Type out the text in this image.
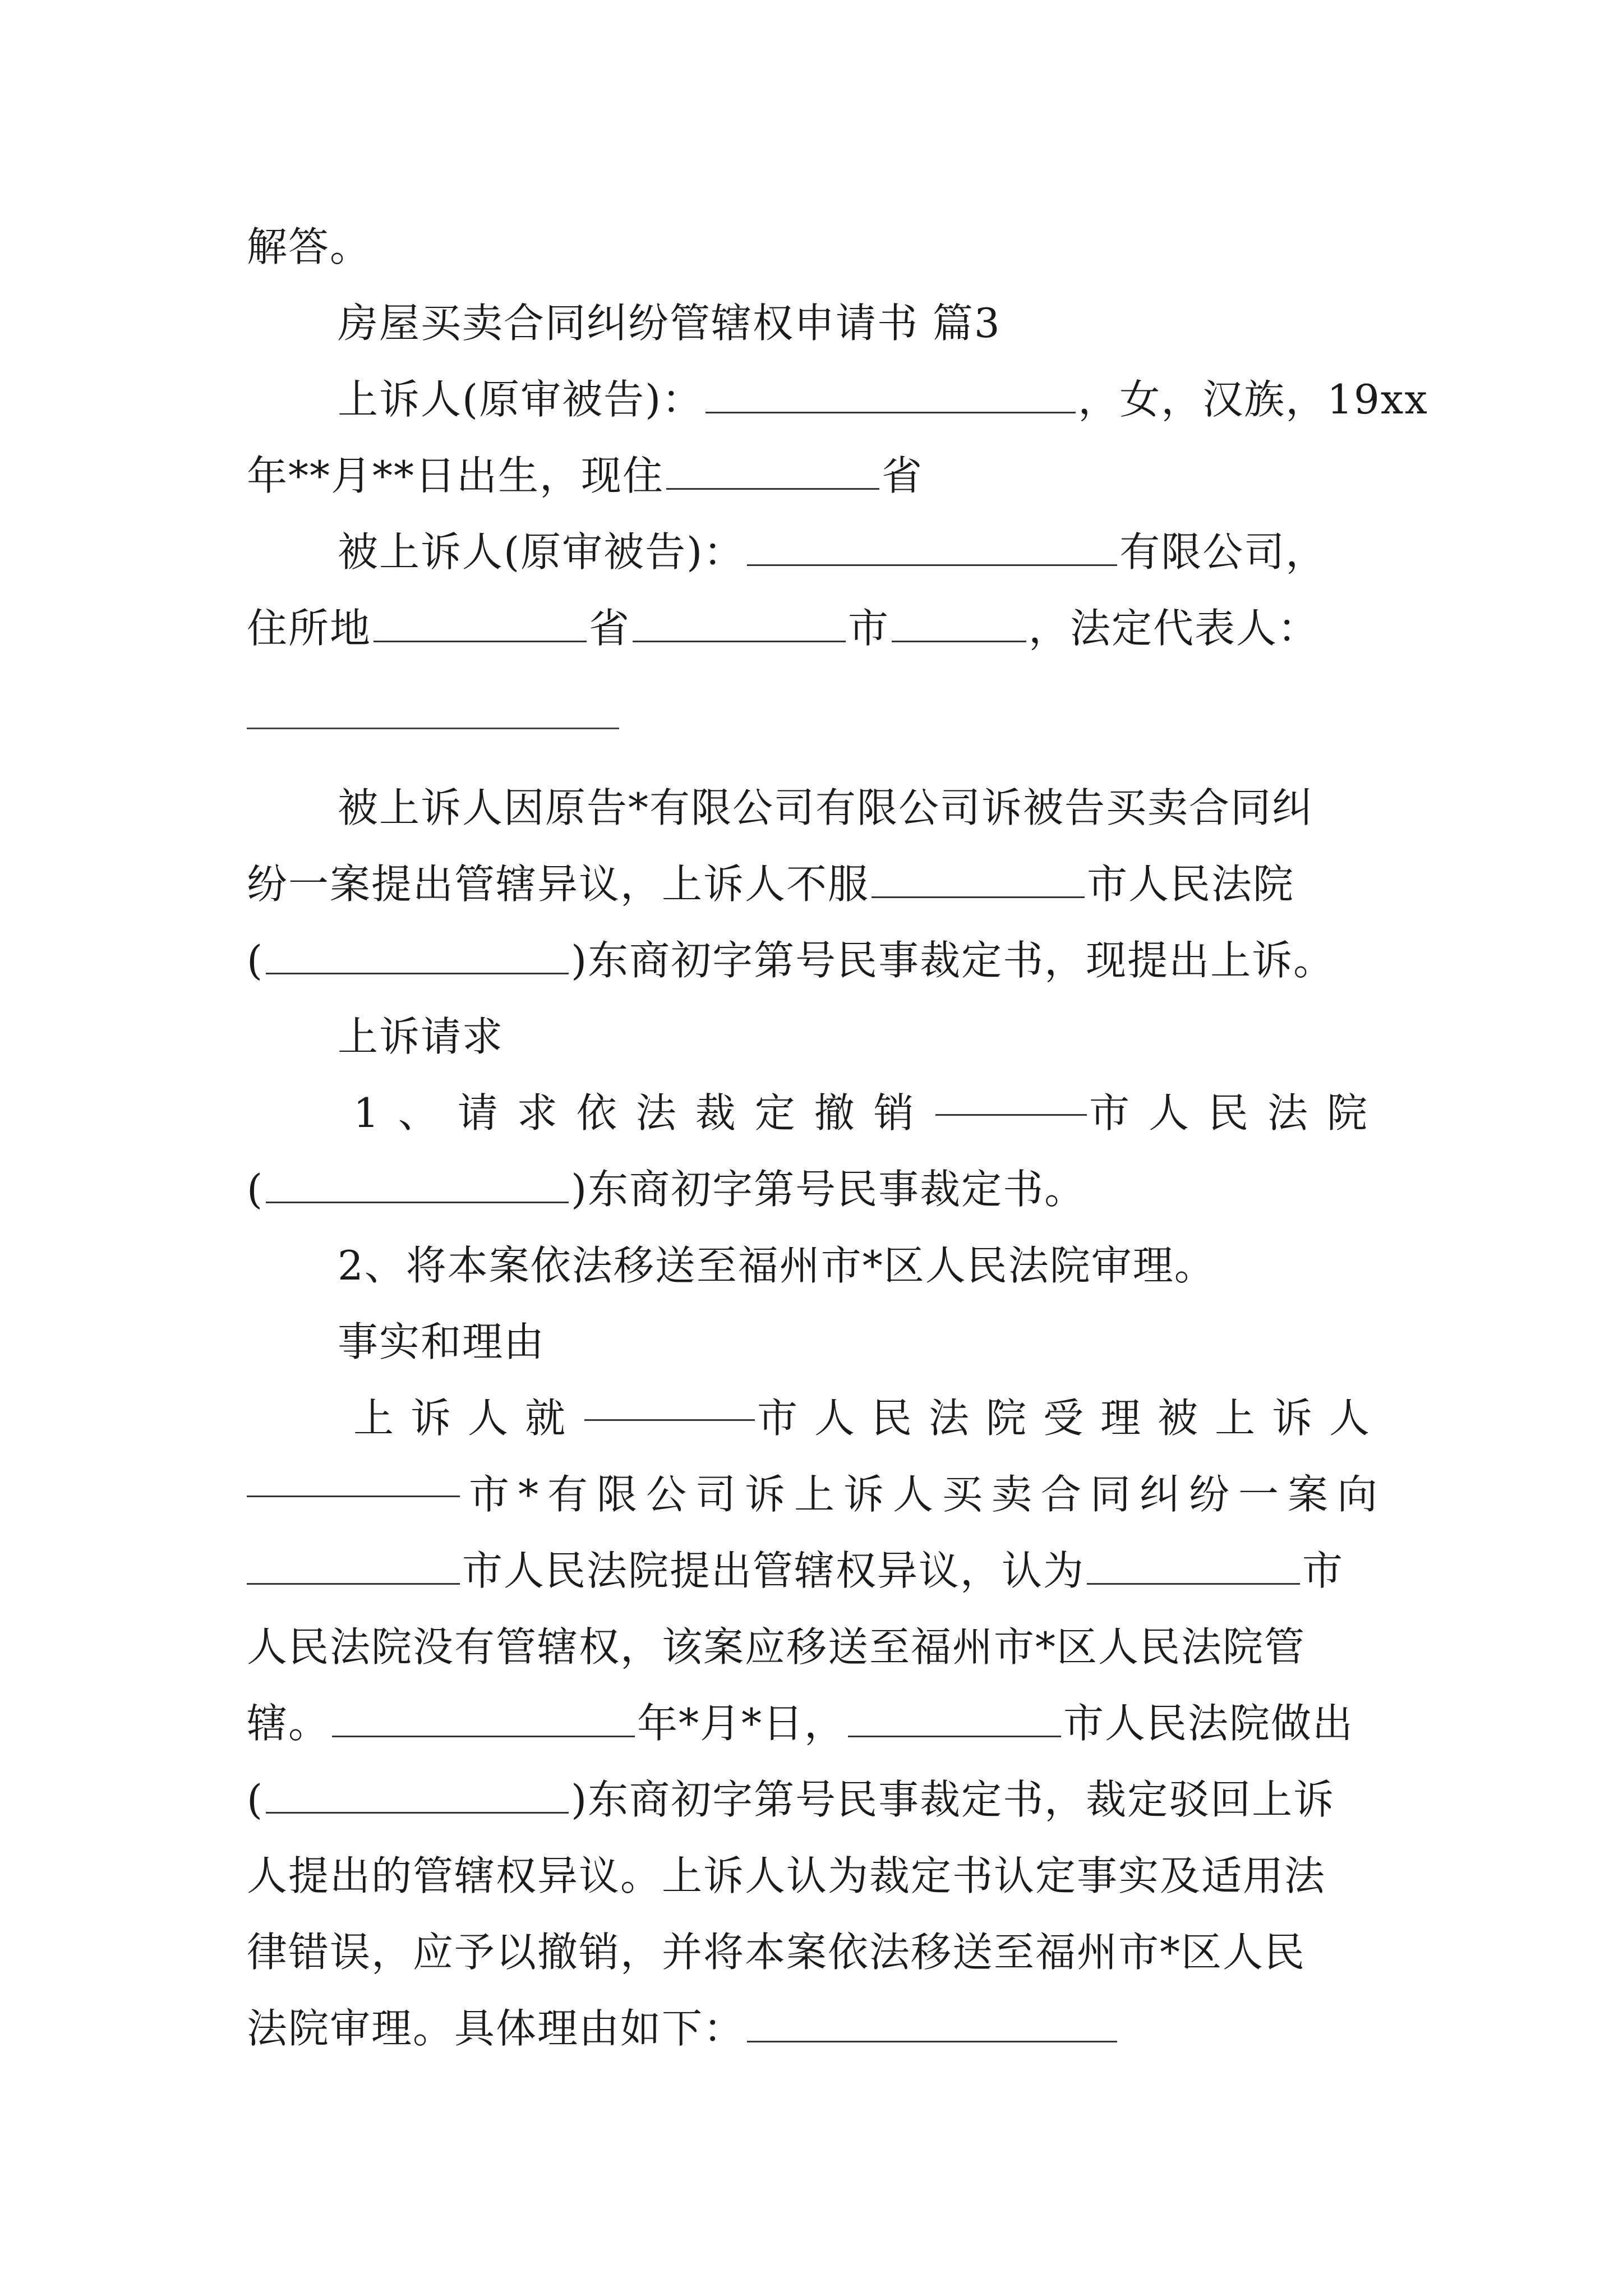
解答。
房屋买卖合同纠纷管辖权申请书 篇3
上诉人(原审被告)：	，女，汉族，19xx
年**月**日出生，现住	省
被上诉人(原审被告)：	有限公司，
住所地	省	市	，法定代表人：
被上诉人因原告*有限公司有限公司诉被告买卖合同纠
纷一案提出管辖异议，上诉人不服	市人民法院
(	)东商初字第号民事裁定书，现提出上诉。
上诉请求
1、请求依法裁定撤销	市人民法院
(	)东商初字第号民事裁定书。
2、将本案依法移送至福州市*区人民法院审理。
事实和理由
上诉人就	市人民法院受理被上诉人
市*有限公司诉上诉人买卖合同纠纷一案向
市人民法院提出管辖权异议，认为	市
人民法院没有管辖权，该案应移送至福州市*区人民法院管
辖。	年*月*日，	市人民法院做出
(	)东商初字第号民事裁定书，裁定驳回上诉
人提出的管辖权异议。上诉人认为裁定书认定事实及适用法
律错误，应予以撤销，并将本案依法移送至福州市*区人民
法院审理。具体理由如下：
